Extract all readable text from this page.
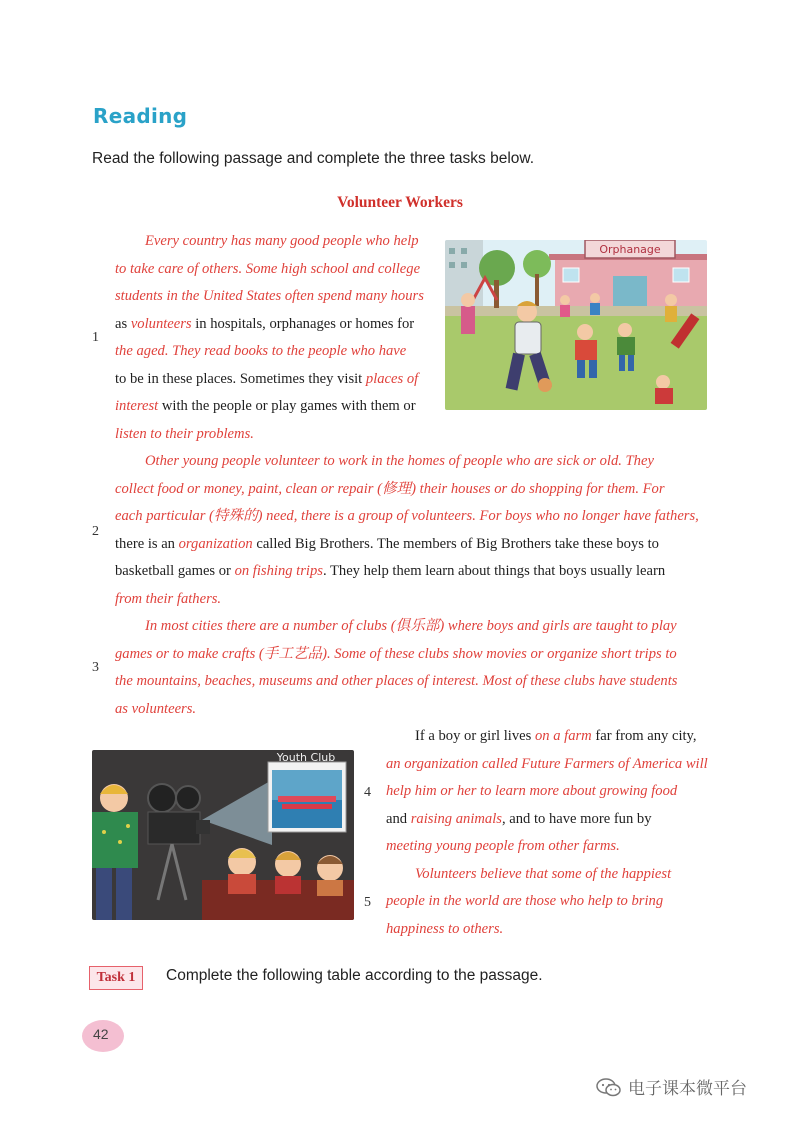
Reading
Read the following passage and complete the three tasks below.
Volunteer Workers
1
Every country has many good people who help
to take care of others. Some high school and college
students in the United States often spend many hours
as volunteers in hospitals, orphanages or homes for
the aged. They read books to the people who have
to be in these places. Sometimes they visit places of
interest with the people or play games with them or
listen to their problems.
Orphanage
2
Other young people volunteer to work in the homes of people who are sick or old. They
collect food or money, paint, clean or repair (修理) their houses or do shopping for them. For
each particular (特殊的) need, there is a group of volunteers. For boys who no longer have fathers,
there is an organization called Big Brothers. The members of Big Brothers take these boys to
basketball games or on fishing trips. They help them learn about things that boys usually learn
from their fathers.
3
In most cities there are a number of clubs (俱乐部) where boys and girls are taught to play
games or to make crafts (手工艺品). Some of these clubs show movies or organize short trips to
the mountains, beaches, museums and other places of interest. Most of these clubs have students
as volunteers.
Youth Club
4
If a boy or girl lives on a farm far from any city,
an organization called Future Farmers of America will
help him or her to learn more about growing food
and raising animals, and to have more fun by
meeting young people from other farms.
5
Volunteers believe that some of the happiest
people in the world are those who help to bring
happiness to others.
Task 1	Complete the following table according to the passage.
42
电子课本微平台
